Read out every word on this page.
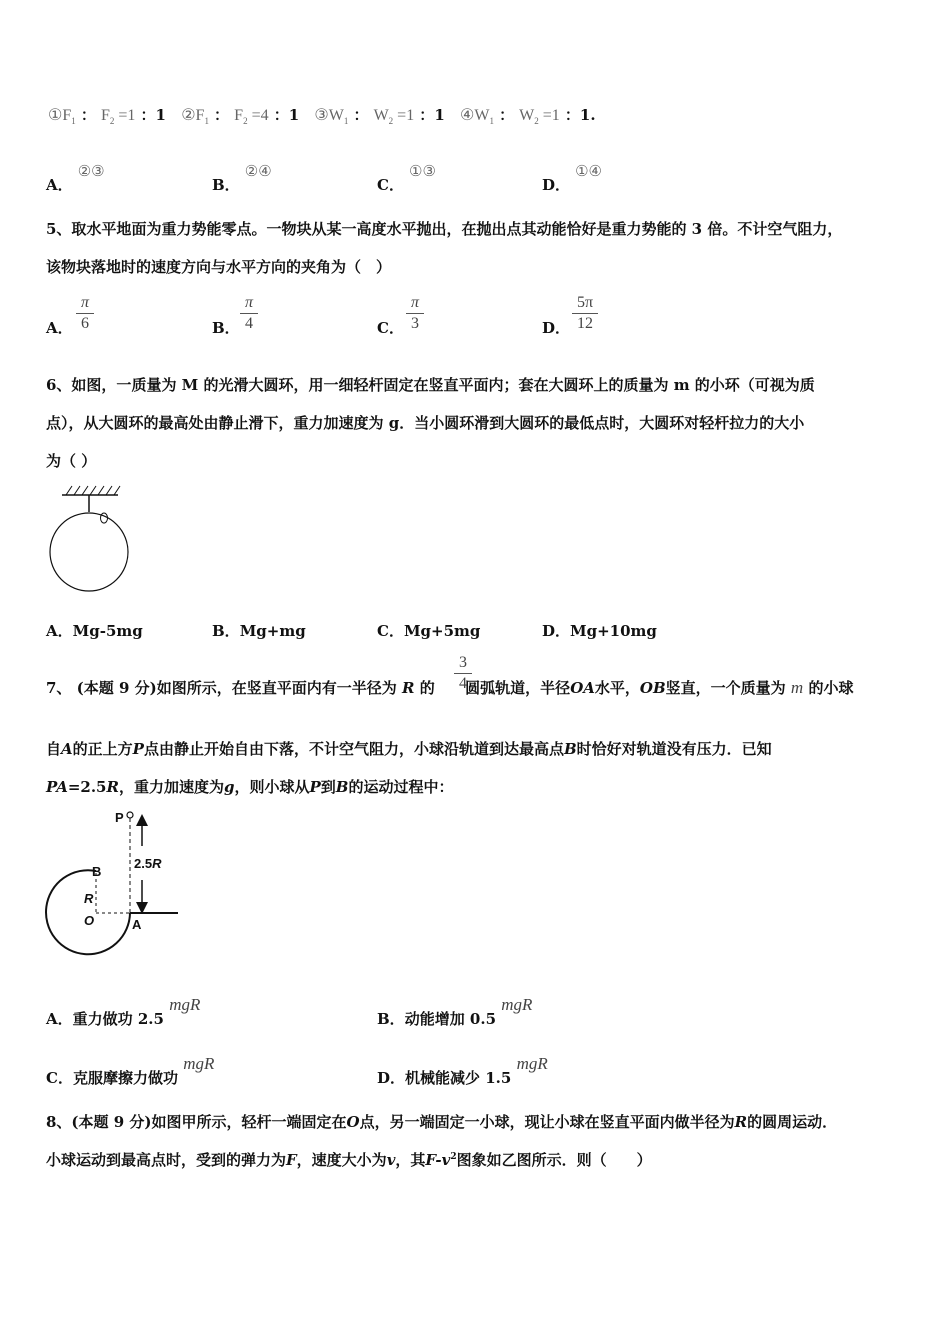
$①F_1$ ： $F_2 =1$ ：1 $②F_1$ ： $F_2 =4$ ：1 $③W_1$ ： $W_2 =1$ ：1 $④W_1$ ： $W_2 =1$ ：1.
A． ②③
B． ②④
C． ①③
D． ①④
5、取水平地面为重力势能零点。一物块从某一高度水平抛出，在抛出点其动能恰好是重力势能的 3 倍。不计空气阻力，
该物块落地时的速度方向与水平方向的夹角为（　）
A．
π
6	B．
π
4	C．
π
3	D．
5π
12
6、如图，一质量为 M 的光滑大圆环，用一细轻杆固定在竖直平面内；套在大圆环上的质量为 m 的小环（可视为质
点），从大圆环的最高处由静止滑下，重力加速度为 g．当小圆环滑到大圆环的最低点时，大圆环对轻杆拉力的大小
为（ ）
A．Mg-5mg	B．Mg+mg	C．Mg+5mg	D．Mg+10mg
7、 (本题 9 分)如图所示，在竖直平面内有一半径为 R 的 圆弧轨道，半径OA水平，OB竖直，一个质量为 m 的小球
3
4
自A的正上方P点由静止开始自由下落，不计空气阻力，小球沿轨道到达最高点B时恰好对轨道没有压力．已知
PA=2.5R，重力加速度为g，则小球从P到B的运动过程中：
P
B
R
O	A
2.5R
A．重力做功 2.5 mgR
B．动能增加 0.5 mgR
C．克服摩擦力做功 mgR
D．机械能减少 1.5 mgR
8、(本题 9 分)如图甲所示，轻杆一端固定在O点，另一端固定一小球，现让小球在竖直平面内做半径为R的圆周运动．
小球运动到最高点时，受到的弹力为F，速度大小为v，其$F-v^2$图象如乙图所示．则（　　）
